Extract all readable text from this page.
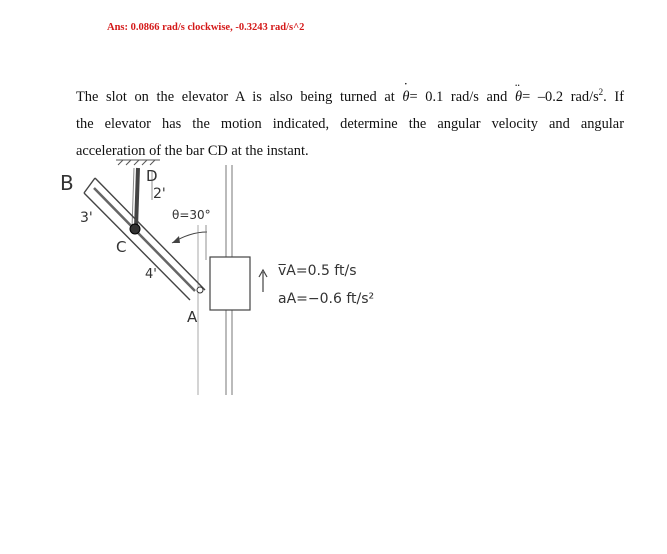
Ans: 0.0866 rad/s clockwise, -0.3243 rad/s^2

The slot on the elevator A is also being turned at ˙ θ= 0.1 rad/s and ¨ θ= –0.2 rad/$s^2$. If
the elevator has the motion indicated, determine the angular velocity and angular
acceleration of the bar CD at the instant.

B	D
2'
3'
C
4'
A
θ=30°
v̅A=0.5 ft/s
aA=−0.6 ft/s²
